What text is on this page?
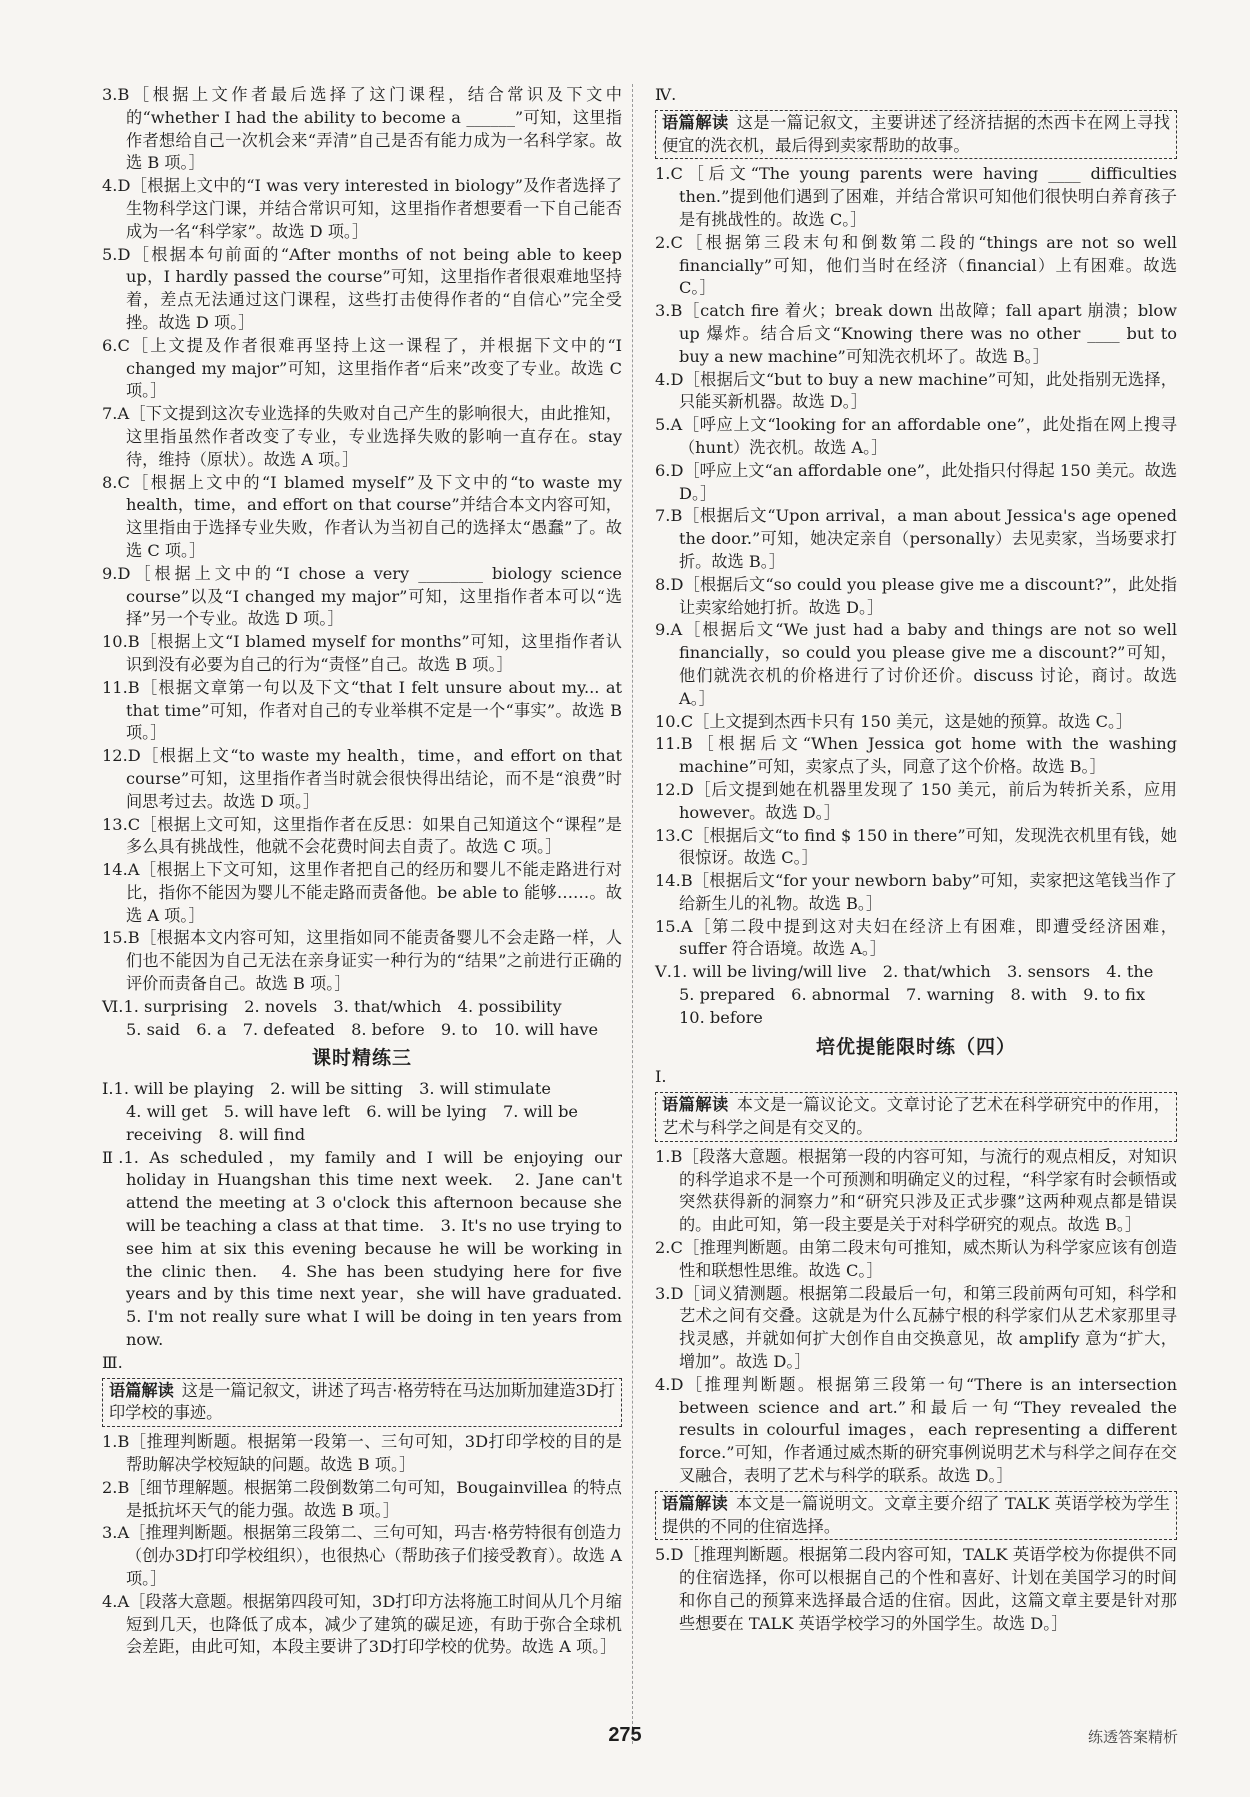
3.B［根据上文作者最后选择了这门课程，结合常识及下文中的“whether I had the ability to become a ______”可知，这里指作者想给自己一次机会来“弄清”自己是否有能力成为一名科学家。故选 B 项。］
4.D［根据上文中的“I was very interested in biology”及作者选择了生物科学这门课，并结合常识可知，这里指作者想要看一下自己能否成为一名“科学家”。故选 D 项。］
5.D［根据本句前面的“After months of not being able to keep up，I hardly passed the course”可知，这里指作者很艰难地坚持着，差点无法通过这门课程，这些打击使得作者的“自信心”完全受挫。故选 D 项。］
6.C［上文提及作者很难再坚持上这一课程了，并根据下文中的“I changed my major”可知，这里指作者“后来”改变了专业。故选 C 项。］
7.A［下文提到这次专业选择的失败对自己产生的影响很大，由此推知，这里指虽然作者改变了专业，专业选择失败的影响一直存在。stay 待，维持（原状）。故选 A 项。］
8.C［根据上文中的“I blamed myself”及下文中的“to waste my health，time，and effort on that course”并结合本文内容可知，这里指由于选择专业失败，作者认为当初自己的选择太“愚蠢”了。故选 C 项。］
9.D［根据上文中的“I chose a very ________ biology science course”以及“I changed my major”可知，这里指作者本可以“选择”另一个专业。故选 D 项。］
10.B［根据上文“I blamed myself for months”可知，这里指作者认识到没有必要为自己的行为“责怪”自己。故选 B 项。］
11.B［根据文章第一句以及下文“that I felt unsure about my... at that time”可知，作者对自己的专业举棋不定是一个“事实”。故选 B 项。］
12.D［根据上文“to waste my health，time，and effort on that course”可知，这里指作者当时就会很快得出结论，而不是“浪费”时间思考过去。故选 D 项。］
13.C［根据上文可知，这里指作者在反思：如果自己知道这个“课程”是多么具有挑战性，他就不会花费时间去自责了。故选 C 项。］
14.A［根据上下文可知，这里作者把自己的经历和婴儿不能走路进行对比，指你不能因为婴儿不能走路而责备他。be able to 能够……。故选 A 项。］
15.B［根据本文内容可知，这里指如同不能责备婴儿不会走路一样，人们也不能因为自己无法在亲身证实一种行为的“结果”之前进行正确的评价而责备自己。故选 B 项。］
Ⅵ.1. surprising　2. novels　3. that/which　4. possibility
5. said　6. a　7. defeated　8. before　9. to　10. will have
课时精练三
Ⅰ.1. will be playing　2. will be sitting　3. will stimulate
4. will get　5. will have left　6. will be lying　7. will be receiving　8. will find
Ⅱ.1. As scheduled，my family and I will be enjoying our holiday in Huangshan this time next week.　2. Jane can't attend the meeting at 3 o'clock this afternoon because she will be teaching a class at that time.　3. It's no use trying to see him at six this evening because he will be working in the clinic then.　4. She has been studying here for five years and by this time next year，she will have graduated.　5. I'm not really sure what I will be doing in ten years from now.
Ⅲ.
语篇解读 这是一篇记叙文，讲述了玛吉·格劳特在马达加斯加建造3D打印学校的事迹。
1.B［推理判断题。根据第一段第一、三句可知，3D打印学校的目的是帮助解决学校短缺的问题。故选 B 项。］
2.B［细节理解题。根据第二段倒数第二句可知，Bougainvillea 的特点是抵抗坏天气的能力强。故选 B 项。］
3.A［推理判断题。根据第三段第二、三句可知，玛吉·格劳特很有创造力（创办3D打印学校组织），也很热心（帮助孩子们接受教育）。故选 A 项。］
4.A［段落大意题。根据第四段可知，3D打印方法将施工时间从几个月缩短到几天，也降低了成本，减少了建筑的碳足迹，有助于弥合全球机会差距，由此可知，本段主要讲了3D打印学校的优势。故选 A 项。］
Ⅳ.
语篇解读 这是一篇记叙文，主要讲述了经济拮据的杰西卡在网上寻找便宜的洗衣机，最后得到卖家帮助的故事。
1.C［后文“The young parents were having ____ difficulties then.”提到他们遇到了困难，并结合常识可知他们很快明白养育孩子是有挑战性的。故选 C。］
2.C［根据第三段末句和倒数第二段的“things are not so well financially”可知，他们当时在经济（financial）上有困难。故选 C。］
3.B［catch fire 着火；break down 出故障；fall apart 崩溃；blow up 爆炸。结合后文“Knowing there was no other ____ but to buy a new machine”可知洗衣机坏了。故选 B。］
4.D［根据后文“but to buy a new machine”可知，此处指别无选择，只能买新机器。故选 D。］
5.A［呼应上文“looking for an affordable one”，此处指在网上搜寻（hunt）洗衣机。故选 A。］
6.D［呼应上文“an affordable one”，此处指只付得起 150 美元。故选 D。］
7.B［根据后文“Upon arrival，a man about Jessica's age opened the door.”可知，她决定亲自（personally）去见卖家，当场要求打折。故选 B。］
8.D［根据后文“so could you please give me a discount?”，此处指让卖家给她打折。故选 D。］
9.A［根据后文“We just had a baby and things are not so well financially，so could you please give me a discount?”可知，他们就洗衣机的价格进行了讨价还价。discuss 讨论，商讨。故选 A。］
10.C［上文提到杰西卡只有 150 美元，这是她的预算。故选 C。］
11.B［根据后文“When Jessica got home with the washing machine”可知，卖家点了头，同意了这个价格。故选 B。］
12.D［后文提到她在机器里发现了 150 美元，前后为转折关系，应用 however。故选 D。］
13.C［根据后文“to find $ 150 in there”可知，发现洗衣机里有钱，她很惊讶。故选 C。］
14.B［根据后文“for your newborn baby”可知，卖家把这笔钱当作了给新生儿的礼物。故选 B。］
15.A［第二段中提到这对夫妇在经济上有困难，即遭受经济困难，suffer 符合语境。故选 A。］
Ⅴ.1. will be living/will live　2. that/which　3. sensors　4. the
5. prepared　6. abnormal　7. warning　8. with　9. to fix
10. before
培优提能限时练（四）
Ⅰ.
语篇解读 本文是一篇议论文。文章讨论了艺术在科学研究中的作用，艺术与科学之间是有交叉的。
1.B［段落大意题。根据第一段的内容可知，与流行的观点相反，对知识的科学追求不是一个可预测和明确定义的过程，“科学家有时会顿悟或突然获得新的洞察力”和“研究只涉及正式步骤”这两种观点都是错误的。由此可知，第一段主要是关于对科学研究的观点。故选 B。］
2.C［推理判断题。由第二段末句可推知，威杰斯认为科学家应该有创造性和联想性思维。故选 C。］
3.D［词义猜测题。根据第二段最后一句，和第三段前两句可知，科学和艺术之间有交叠。这就是为什么瓦赫宁根的科学家们从艺术家那里寻找灵感，并就如何扩大创作自由交换意见，故 amplify 意为“扩大，增加”。故选 D。］
4.D［推理判断题。根据第三段第一句“There is an intersection between science and art.”和最后一句“They revealed the results in colourful images，each representing a different force.”可知，作者通过威杰斯的研究事例说明艺术与科学之间存在交叉融合，表明了艺术与科学的联系。故选 D。］
语篇解读 本文是一篇说明文。文章主要介绍了 TALK 英语学校为学生提供的不同的住宿选择。
5.D［推理判断题。根据第二段内容可知，TALK 英语学校为你提供不同的住宿选择，你可以根据自己的个性和喜好、计划在美国学习的时间和你自己的预算来选择最合适的住宿。因此，这篇文章主要是针对那些想要在 TALK 英语学校学习的外国学生。故选 D。］
275	练透答案精析
